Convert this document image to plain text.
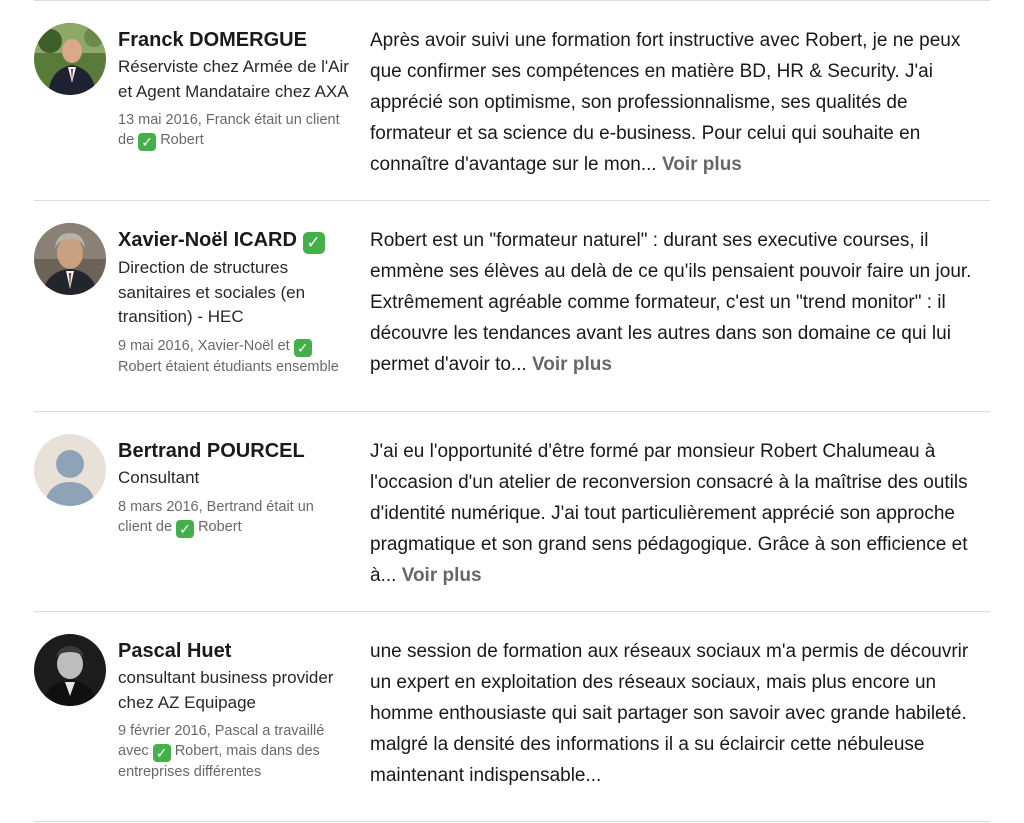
Franck DOMERGUE
Réserviste chez Armée de l'Air et Agent Mandataire chez AXA
13 mai 2016, Franck était un client de ✓ Robert
Après avoir suivi une formation fort instructive avec Robert, je ne peux que confirmer ses compétences en matière BD, HR & Security. J'ai apprécié son optimisme, son professionnalisme, ses qualités de formateur et sa science du e-business. Pour celui qui souhaite en connaître d'avantage sur le mon... Voir plus
Xavier-Noël ICARD ✓
Direction de structures sanitaires et sociales (en transition) - HEC
9 mai 2016, Xavier-Noël et ✓ Robert étaient étudiants ensemble
Robert est un "formateur naturel" : durant ses executive courses, il emmène ses élèves au delà de ce qu'ils pensaient pouvoir faire un jour. Extrêmement agréable comme formateur, c'est un "trend monitor" : il découvre les tendances avant les autres dans son domaine ce qui lui permet d'avoir to... Voir plus
Bertrand POURCEL
Consultant
8 mars 2016, Bertrand était un client de ✓ Robert
J'ai eu l'opportunité d'être formé par monsieur Robert Chalumeau à l'occasion d'un atelier de reconversion consacré à la maîtrise des outils d'identité numérique. J'ai tout particulièrement apprécié son approche pragmatique et son grand sens pédagogique. Grâce à son efficience et à... Voir plus
Pascal Huet
consultant business provider chez AZ Equipage
9 février 2016, Pascal a travaillé avec ✓ Robert, mais dans des entreprises différentes
une session de formation aux réseaux sociaux m'a permis de découvrir un expert en exploitation des réseaux sociaux, mais plus encore un homme enthousiaste qui sait partager son savoir avec grande habileté. malgré la densité des informations il a su éclaircir cette nébuleuse maintenant indispensable...
